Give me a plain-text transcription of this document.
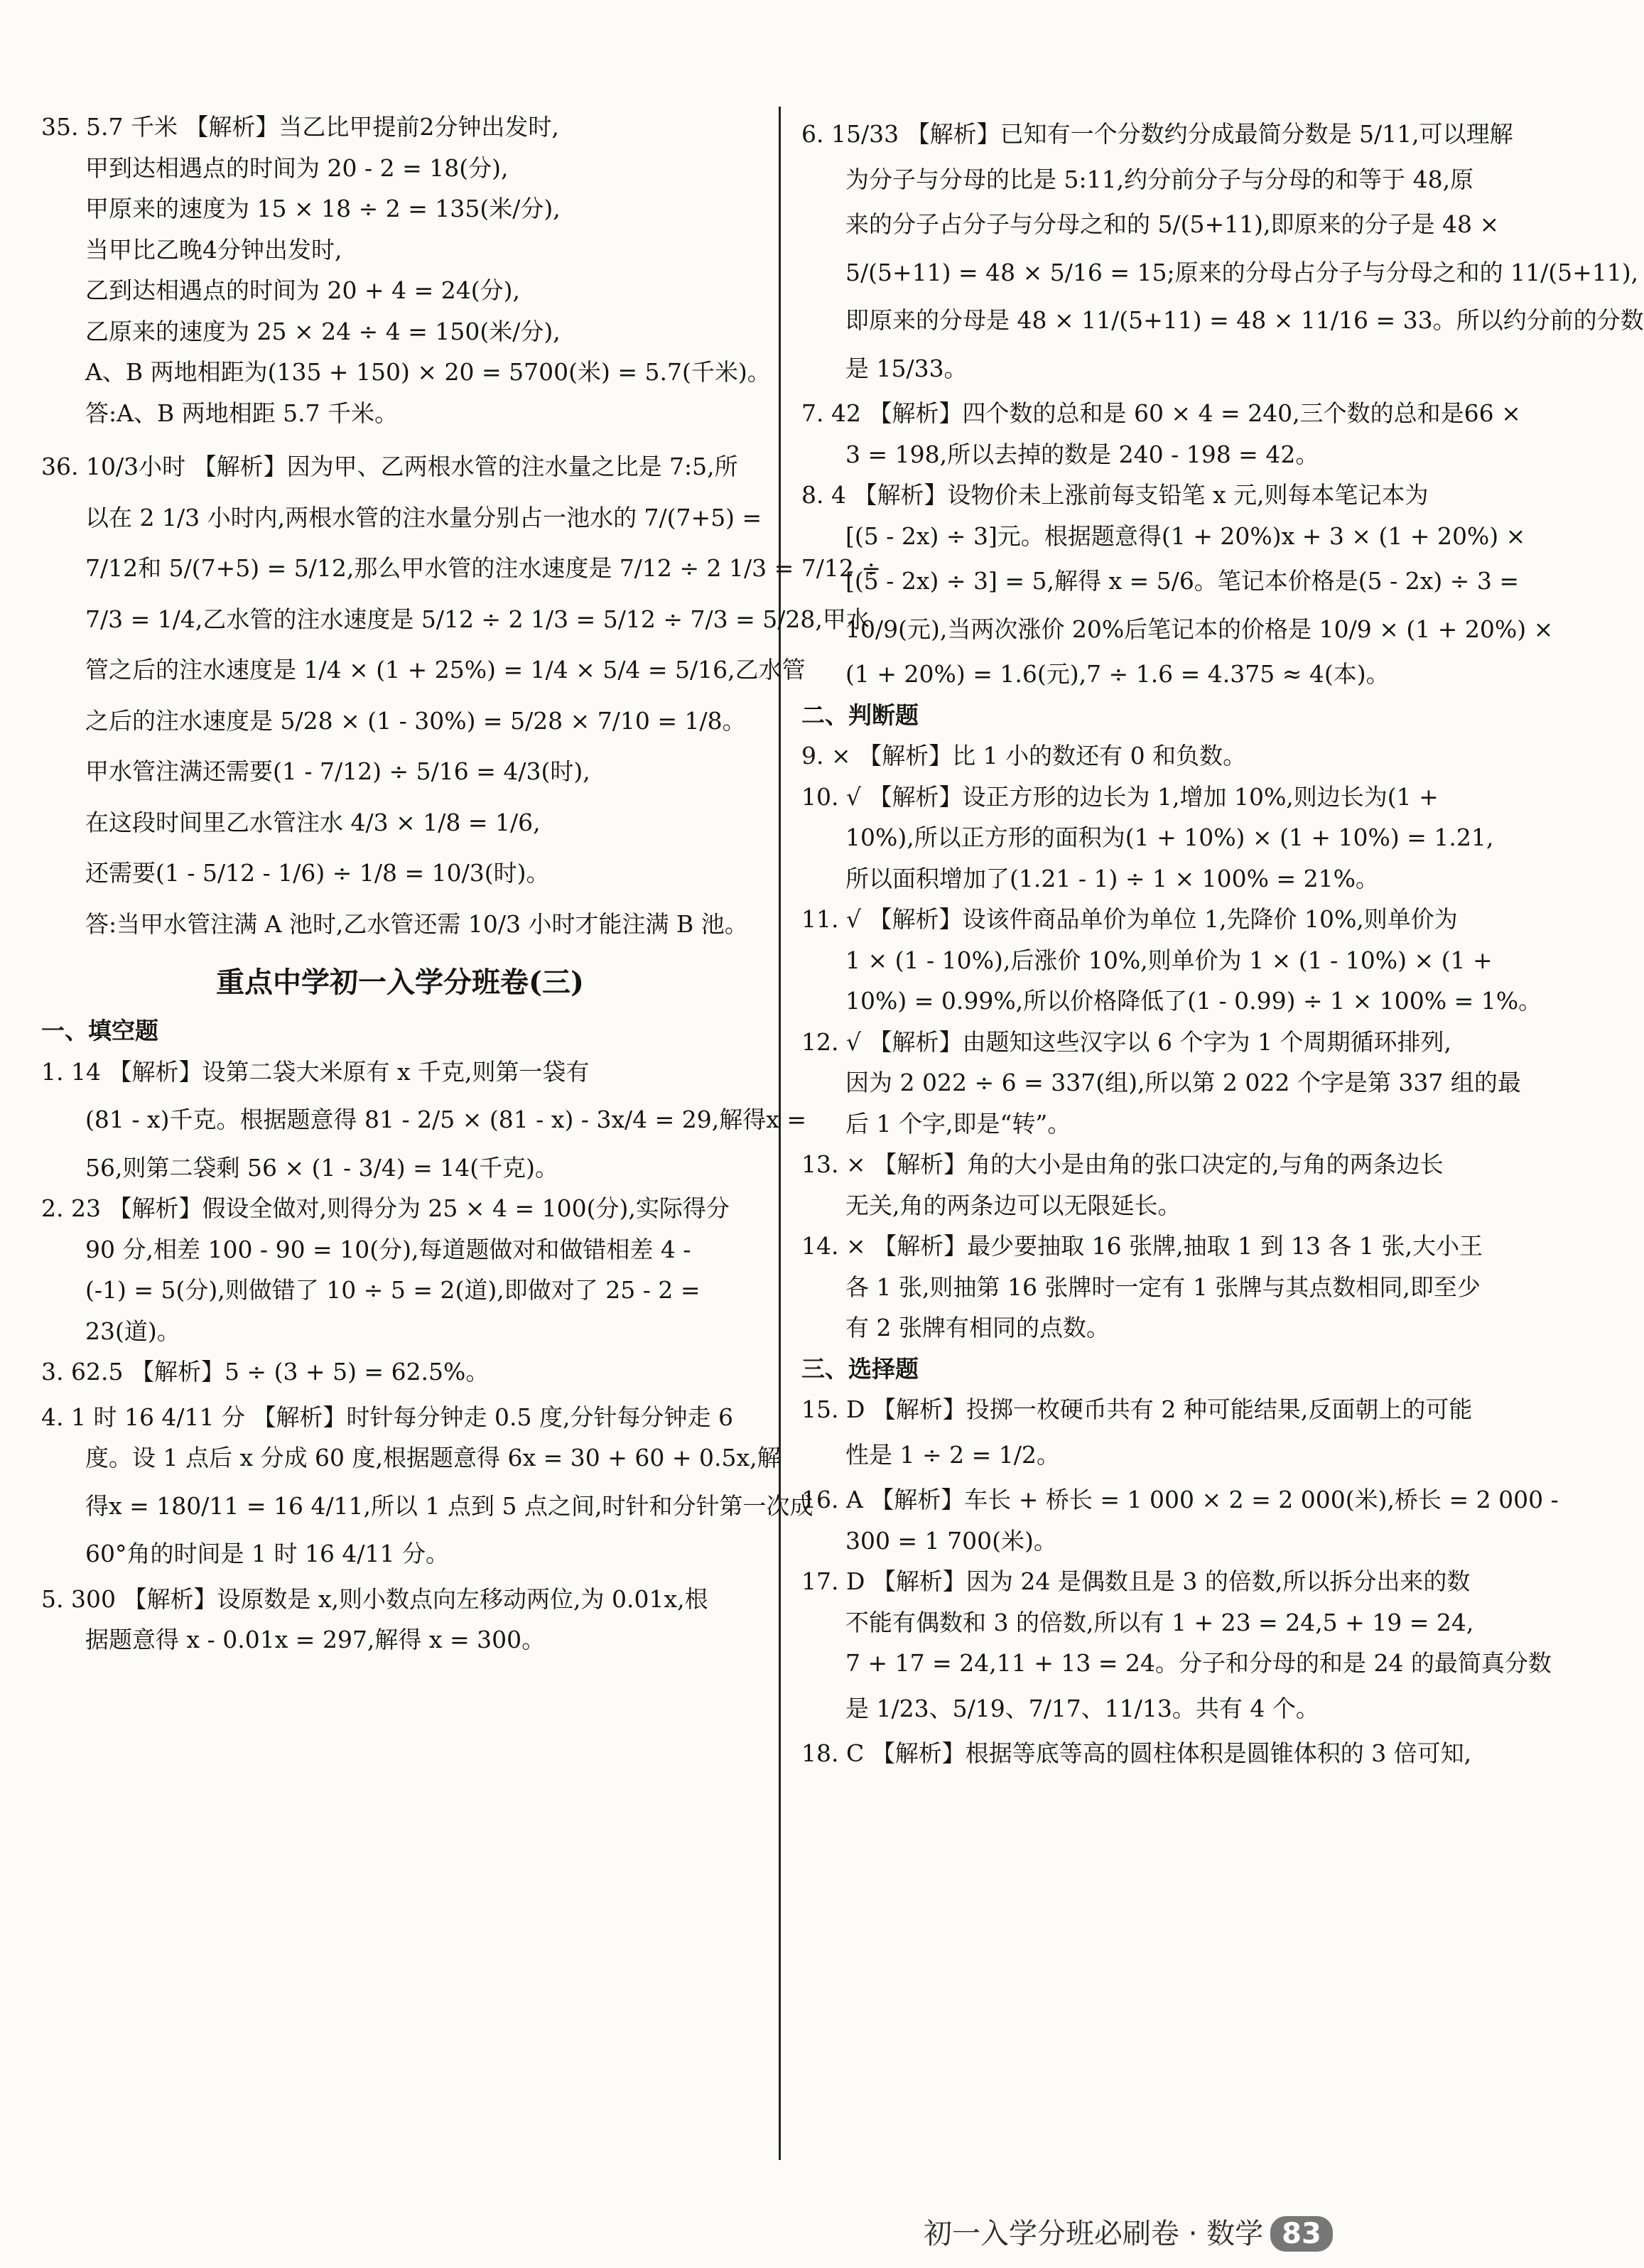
35. 5.7 千米 【解析】当乙比甲提前2分钟出发时,

甲到达相遇点的时间为 20 - 2 = 18(分),

甲原来的速度为 15 × 18 ÷ 2 = 135(米/分),

当甲比乙晚4分钟出发时,

乙到达相遇点的时间为 20 + 4 = 24(分),

乙原来的速度为 25 × 24 ÷ 4 = 150(米/分),

A、B 两地相距为(135 + 150) × 20 = 5700(米) = 5.7(千米)。

答:A、B 两地相距 5.7 千米。

36. 10/3小时 【解析】因为甲、乙两根水管的注水量之比是 7:5,所

以在 2 1/3 小时内,两根水管的注水量分别占一池水的 7/(7+5) =

7/12和 5/(7+5) = 5/12,那么甲水管的注水速度是 7/12 ÷ 2 1/3 = 7/12 ÷

7/3 = 1/4,乙水管的注水速度是 5/12 ÷ 2 1/3 = 5/12 ÷ 7/3 = 5/28,甲水

管之后的注水速度是 1/4 × (1 + 25%) = 1/4 × 5/4 = 5/16,乙水管

之后的注水速度是 5/28 × (1 - 30%) = 5/28 × 7/10 = 1/8。

甲水管注满还需要(1 - 7/12) ÷ 5/16 = 4/3(时),

在这段时间里乙水管注水 4/3 × 1/8 = 1/6,

还需要(1 - 5/12 - 1/6) ÷ 1/8 = 10/3(时)。

答:当甲水管注满 A 池时,乙水管还需 10/3 小时才能注满 B 池。

重点中学初一入学分班卷(三)

一、填空题

1. 14 【解析】设第二袋大米原有 x 千克,则第一袋有

(81 - x)千克。根据题意得 81 - 2/5 × (81 - x) - 3x/4 = 29,解得x =

56,则第二袋剩 56 × (1 - 3/4) = 14(千克)。

2. 23 【解析】假设全做对,则得分为 25 × 4 = 100(分),实际得分

90 分,相差 100 - 90 = 10(分),每道题做对和做错相差 4 -

(-1) = 5(分),则做错了 10 ÷ 5 = 2(道),即做对了 25 - 2 =

23(道)。

3. 62.5 【解析】5 ÷ (3 + 5) = 62.5%。

4. 1 时 16 4/11 分 【解析】时针每分钟走 0.5 度,分针每分钟走 6

度。设 1 点后 x 分成 60 度,根据题意得 6x = 30 + 60 + 0.5x,解

得x = 180/11 = 16 4/11,所以 1 点到 5 点之间,时针和分针第一次成

60°角的时间是 1 时 16 4/11 分。

5. 300 【解析】设原数是 x,则小数点向左移动两位,为 0.01x,根

据题意得 x - 0.01x = 297,解得 x = 300。

6. 15/33 【解析】已知有一个分数约分成最简分数是 5/11,可以理解

为分子与分母的比是 5:11,约分前分子与分母的和等于 48,原

来的分子占分子与分母之和的 5/(5+11),即原来的分子是 48 ×

5/(5+11) = 48 × 5/16 = 15;原来的分母占分子与分母之和的 11/(5+11),

即原来的分母是 48 × 11/(5+11) = 48 × 11/16 = 33。所以约分前的分数

是 15/33。

7. 42 【解析】四个数的总和是 60 × 4 = 240,三个数的总和是66 ×

3 = 198,所以去掉的数是 240 - 198 = 42。

8. 4 【解析】设物价未上涨前每支铅笔 x 元,则每本笔记本为

[(5 - 2x) ÷ 3]元。根据题意得(1 + 20%)x + 3 × (1 + 20%) ×

[(5 - 2x) ÷ 3] = 5,解得 x = 5/6。笔记本价格是(5 - 2x) ÷ 3 =

10/9(元),当两次涨价 20%后笔记本的价格是 10/9 × (1 + 20%) ×

(1 + 20%) = 1.6(元),7 ÷ 1.6 = 4.375 ≈ 4(本)。

二、判断题

9. × 【解析】比 1 小的数还有 0 和负数。

10. √ 【解析】设正方形的边长为 1,增加 10%,则边长为(1 +

10%),所以正方形的面积为(1 + 10%) × (1 + 10%) = 1.21,

所以面积增加了(1.21 - 1) ÷ 1 × 100% = 21%。

11. √ 【解析】设该件商品单价为单位 1,先降价 10%,则单价为

1 × (1 - 10%),后涨价 10%,则单价为 1 × (1 - 10%) × (1 +

10%) = 0.99%,所以价格降低了(1 - 0.99) ÷ 1 × 100% = 1%。

12. √ 【解析】由题知这些汉字以 6 个字为 1 个周期循环排列,

因为 2 022 ÷ 6 = 337(组),所以第 2 022 个字是第 337 组的最

后 1 个字,即是“转”。

13. × 【解析】角的大小是由角的张口决定的,与角的两条边长

无关,角的两条边可以无限延长。

14. × 【解析】最少要抽取 16 张牌,抽取 1 到 13 各 1 张,大小王

各 1 张,则抽第 16 张牌时一定有 1 张牌与其点数相同,即至少

有 2 张牌有相同的点数。

三、选择题

15. D 【解析】投掷一枚硬币共有 2 种可能结果,反面朝上的可能

性是 1 ÷ 2 = 1/2。

16. A 【解析】车长 + 桥长 = 1 000 × 2 = 2 000(米),桥长 = 2 000 -

300 = 1 700(米)。

17. D 【解析】因为 24 是偶数且是 3 的倍数,所以拆分出来的数

不能有偶数和 3 的倍数,所以有 1 + 23 = 24,5 + 19 = 24,

7 + 17 = 24,11 + 13 = 24。分子和分母的和是 24 的最简真分数

是 1/23、5/19、7/17、11/13。共有 4 个。

18. C 【解析】根据等底等高的圆柱体积是圆锥体积的 3 倍可知,

初一入学分班必刷卷 · 数学 83
